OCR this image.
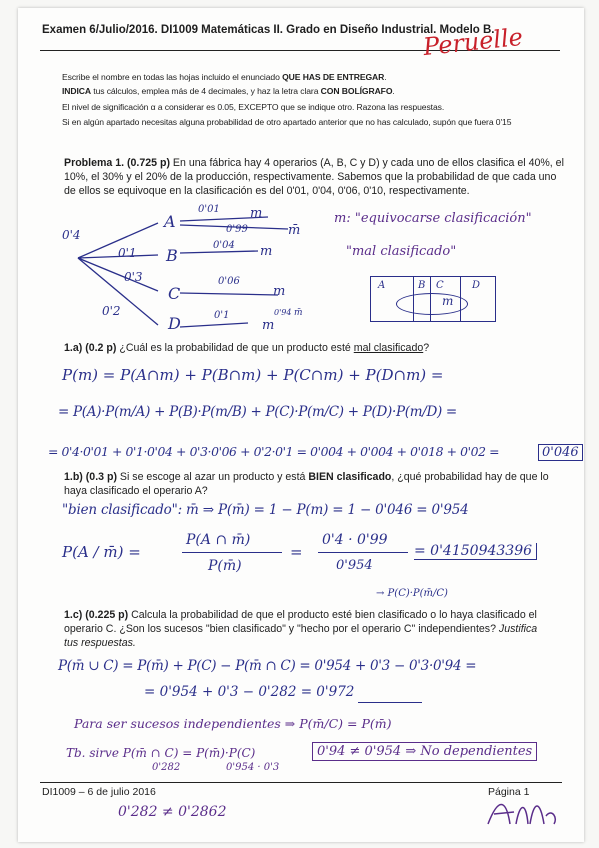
Examen 6/Julio/2016. DI1009 Matemáticas II. Grado en Diseño Industrial. Modelo B.
Peruelle
Escribe el nombre en todas las hojas incluido el enunciado QUE HAS DE ENTREGAR.
INDICA tus cálculos, emplea más de 4 decimales, y haz la letra clara CON BOLÍGRAFO.
El nivel de significación α a considerar es 0.05, EXCEPTO que se indique otro. Razona las respuestas.
Si en algún apartado necesitas alguna probabilidad de otro apartado anterior que no has calculado, supón que fuera 0'15
Problema 1. (0.725 p) En una fábrica hay 4 operarios (A, B, C y D) y cada uno de ellos clasifica el 40%, el 10%, el 30% y el 20% de la producción, respectivamente. Sabemos que la probabilidad de que cada uno de ellos se equivoque en la clasificación es del 0'01, 0'04, 0'06, 0'10, respectivamente.
0'4
A
0'01 m
0'99	m̄
0'1 B
0'04 m
0'3
C
0'06
m
0'2
D	0'1
m
0'94 m̄
m: "equivocarse clasificación"
"mal clasificado"
A	B C	D
m
1.a) (0.2 p) ¿Cuál es la probabilidad de que un producto esté mal clasificado?
P(m) = P(A∩m) + P(B∩m) + P(C∩m) + P(D∩m) =
= P(A)·P(m/A) + P(B)·P(m/B) + P(C)·P(m/C) + P(D)·P(m/D) =
= 0'4·0'01 + 0'1·0'04 + 0'3·0'06 + 0'2·0'1 = 0'004 + 0'004 + 0'018 + 0'02 =	0'046
1.b) (0.3 p) Si se escoge al azar un producto y está BIEN clasificado, ¿qué probabilidad hay de que lo haya clasificado el operario A?
"bien clasificado": m̄ ⇒ P(m̄) = 1 − P(m) = 1 − 0'046 = 0'954
P(A / m̄) =
P(A ∩ m̄)
P(m̄)
=
0'4 · 0'99
0'954
= 0'4150943396
→ P(C)·P(m̄/C)
1.c) (0.225 p) Calcula la probabilidad de que el producto esté bien clasificado o lo haya clasificado el
operario C. ¿Son los sucesos "bien clasificado" y "hecho por el operario C" independientes? Justifica
tus respuestas.
P(m̄ ∪ C) = P(m̄) + P(C) − P(m̄ ∩ C) = 0'954 + 0'3 − 0'3·0'94 =
= 0'954 + 0'3 − 0'282 = 0'972
Para ser sucesos independientes ⇒ P(m̄/C) = P(m̄)
Tb. sirve P(m̄ ∩ C) = P(m̄)·P(C)
0'282	0'954 · 0'3
0'94 ≠ 0'954 ⇒ No dependientes
DI1009 – 6 de julio 2016	Página 1
0'282 ≠ 0'2862
